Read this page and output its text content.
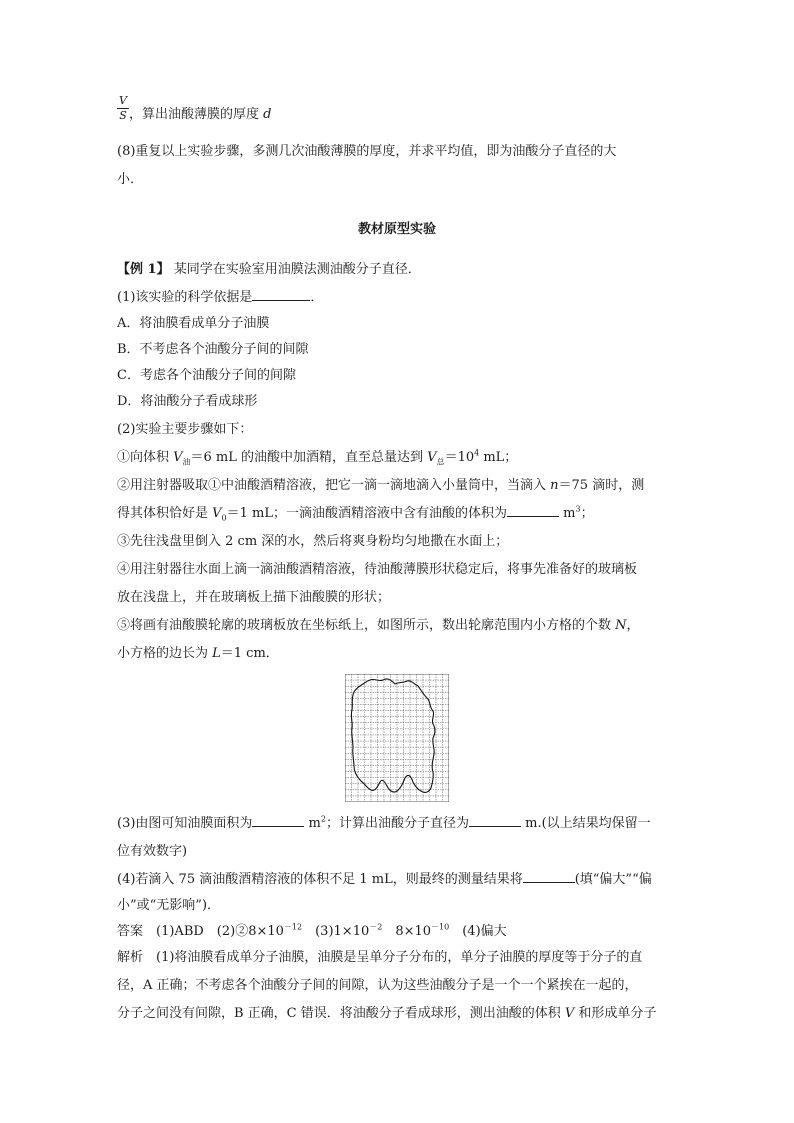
V
S ，算出油酸薄膜的厚度 d
(8)重复以上实验步骤，多测几次油酸薄膜的厚度，并求平均值，即为油酸分子直径的大
小．
教材原型实验
【例 1】 某同学在实验室用油膜法测油酸分子直径．
(1)该实验的科学依据是	．
A．将油膜看成单分子油膜
B．不考虑各个油酸分子间的间隙
C．考虑各个油酸分子间的间隙
D．将油酸分子看成球形
(2)实验主要步骤如下：
①向体积 $V_油=6$ mL 的油酸中加酒精，直至总量达到 $V_总=10^4$ mL；
②用注射器吸取①中油酸酒精溶液，把它一滴一滴地滴入小量筒中，当滴入 n＝75 滴时，测
得其体积恰好是 $V_0=1$ mL；一滴油酸酒精溶液中含有油酸的体积为	$m^3$；
③先往浅盘里倒入 2 cm 深的水，然后将爽身粉均匀地撒在水面上；
④用注射器往水面上滴一滴油酸酒精溶液，待油酸薄膜形状稳定后，将事先准备好的玻璃板
放在浅盘上，并在玻璃板上描下油酸膜的形状；
⑤将画有油酸膜轮廓的玻璃板放在坐标纸上，如图所示，数出轮廓范围内小方格的个数 N，
小方格的边长为 L＝1 cm．
(3)由图可知油膜面积为	$m^2$；计算出油酸分子直径为	m.(以上结果均保留一
位有效数字)
(4)若滴入 75 滴油酸酒精溶液的体积不足 1 mL，则最终的测量结果将	(填“偏大”“偏
小”或“无影响”)．
答案　(1)ABD　$(2)②8\times 10^{-12}$　$(3)1\times 10^{-2}$　$8\times 10^{-10}$　(4)偏大
解析　(1)将油膜看成单分子油膜，油膜是呈单分子分布的，单分子油膜的厚度等于分子的直
径，A 正确；不考虑各个油酸分子间的间隙，认为这些油酸分子是一个一个紧挨在一起的，
分子之间没有间隙，B 正确，C 错误．将油酸分子看成球形，测出油酸的体积 V 和形成单分子
